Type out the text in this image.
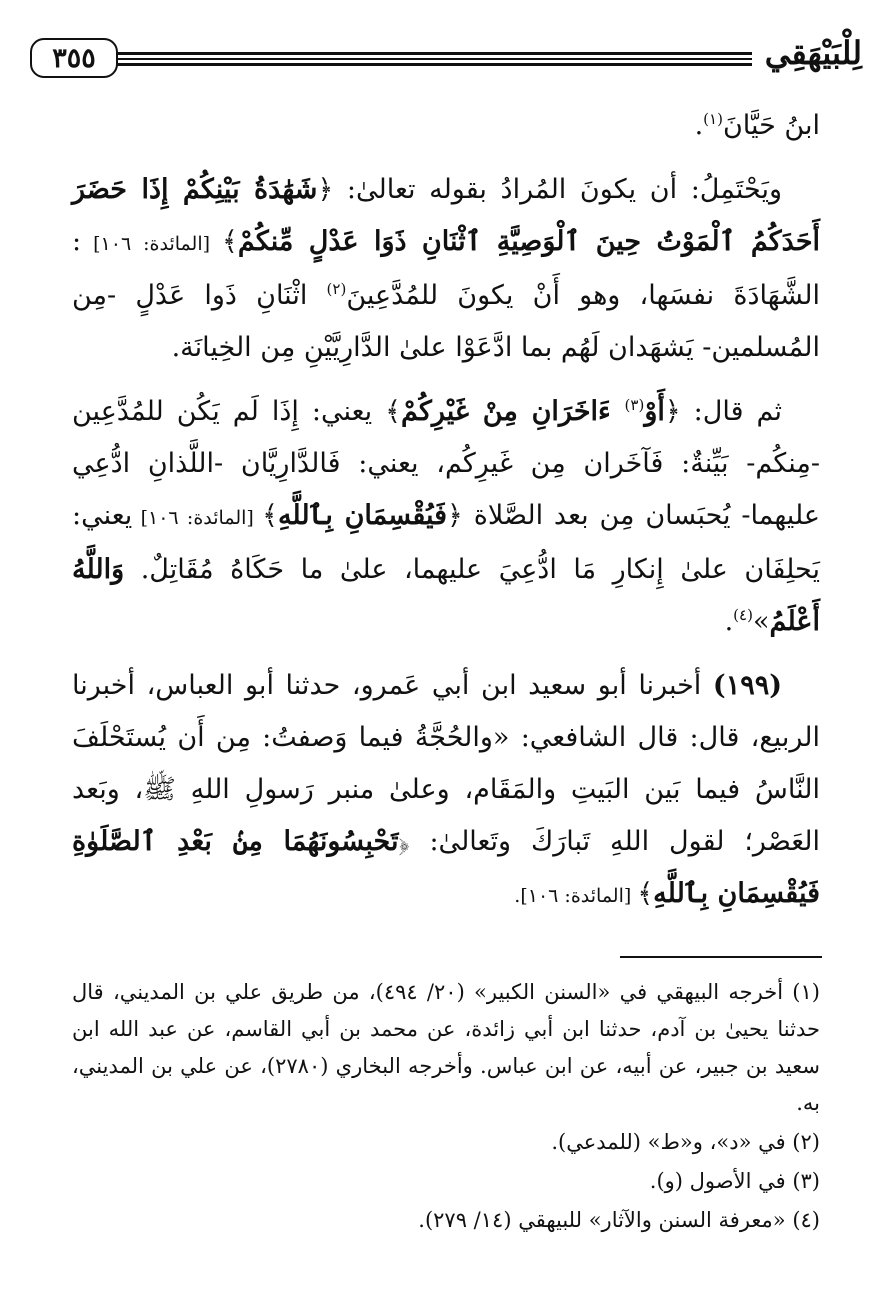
٣٥٥	لِلْبَيْهَقِي

ابنُ حَيَّانَ$^{(١)}$.

ويَحْتَمِلُ: أن يكونَ المُرادُ بقوله تعالىٰ: ﴿شَهَٰدَةُ بَيْنِكُمْ إِذَا حَضَرَ أَحَدَكُمُ ٱلْمَوْتُ حِينَ ٱلْوَصِيَّةِ ٱثْنَانِ ذَوَا عَدْلٍ مِّنكُمْ﴾ [المائدة: ١٠٦] : الشَّهَادَةَ نفسَها، وهو أَنْ يكونَ للمُدَّعِينَ$^{(٢)}$ اثْنَانِ ذَوا عَدْلٍ -مِن المُسلمين- يَشهَدان لَهُم بما ادَّعَوْا علىٰ الدَّارِيَّيْنِ مِن الخِيانَة.

ثم قال: ﴿أَوْ$^{(٣)}$ ءَاخَرَانِ مِنْ غَيْرِكُمْ﴾ يعني: إِذَا لَم يَكُن للمُدَّعِين -مِنكُم- بَيِّنةٌ: فَآخَران مِن غَيرِكُم، يعني: فَالدَّارِيَّان -اللَّذانِ ادُّعِي عليهما- يُحبَسان مِن بعد الصَّلاة ﴿فَيُقْسِمَانِ بِٱللَّهِ﴾ [المائدة: ١٠٦] يعني: يَحلِفَان علىٰ إِنكارِ مَا ادُّعِيَ عليهما، علىٰ ما حَكَاهُ مُقَاتِلٌ. وَاللَّهُ أَعْلَمُ»$^{(٤)}$.

(١٩٩) أخبرنا أبو سعيد ابن أبي عَمرو، حدثنا أبو العباس، أخبرنا الربيع، قال: قال الشافعي: «والحُجَّةُ فيما وَصفتُ: مِن أَن يُستَحْلَفَ النَّاسُ فيما بَين البَيتِ والمَقَام، وعلىٰ منبر رَسولِ اللهِ ﷺ، وبَعد العَصْر؛ لقول اللهِ تَبارَكَ وتَعالىٰ: ﴿تَحْبِسُونَهُمَا مِنۢ بَعْدِ ٱلصَّلَوٰةِ فَيُقْسِمَانِ بِٱللَّهِ﴾ [المائدة: ١٠٦].

(١) أخرجه البيهقي في «السنن الكبير» (٢٠/ ٤٩٤)، من طريق علي بن المديني، قال حدثنا يحيىٰ بن آدم، حدثنا ابن أبي زائدة، عن محمد بن أبي القاسم، عن عبد الله ابن سعيد بن جبير، عن أبيه، عن ابن عباس. وأخرجه البخاري (٢٧٨٠)، عن علي بن المديني، به.

(٢) في «د»، و«ط» (للمدعي).

(٣) في الأصول (و).

(٤) «معرفة السنن والآثار» للبيهقي (١٤/ ٢٧٩).
